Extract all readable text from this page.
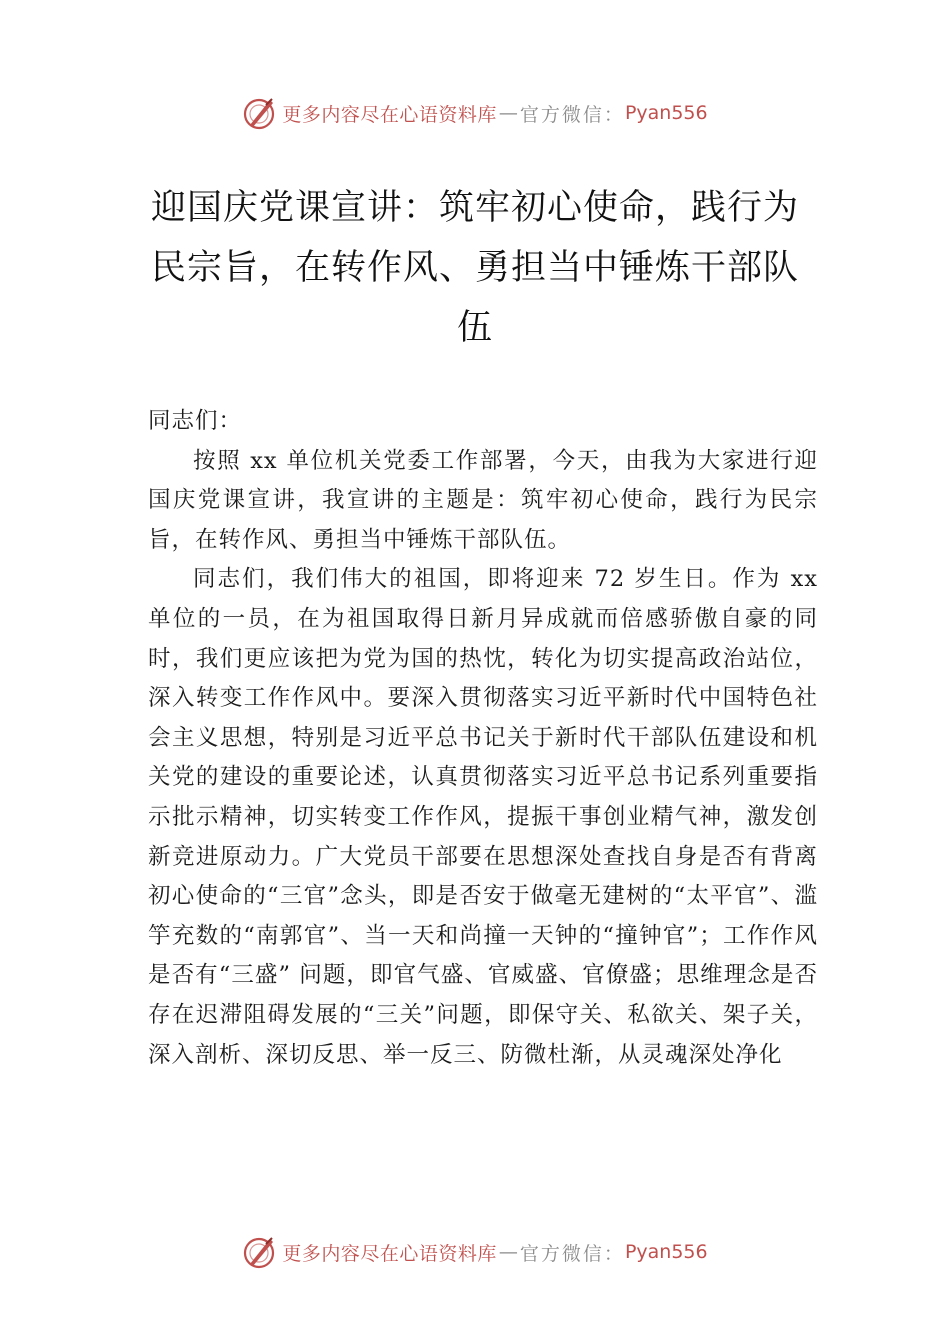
更多内容尽在心语资料库 — 官方微信： Pyan556
迎国庆党课宣讲：筑牢初心使命，践行为
民宗旨，在转作风、勇担当中锤炼干部队
伍

同志们：

按照 xx 单位机关党委工作部署，今天，由我为大家进行迎国庆党课宣讲，我宣讲的主题是：筑牢初心使命，践行为民宗旨，在转作风、勇担当中锤炼干部队伍。

同志们，我们伟大的祖国，即将迎来 72 岁生日。作为 xx 单位的一员，在为祖国取得日新月异成就而倍感骄傲自豪的同时，我们更应该把为党为国的热忱，转化为切实提高政治站位，深入转变工作作风中。要深入贯彻落实习近平新时代中国特色社会主义思想，特别是习近平总书记关于新时代干部队伍建设和机关党的建设的重要论述，认真贯彻落实习近平总书记系列重要指示批示精神，切实转变工作作风，提振干事创业精气神，激发创新竞进原动力。广大党员干部要在思想深处查找自身是否有背离初心使命的“三官”念头，即是否安于做毫无建树的“太平官”、滥竽充数的“南郭官”、当一天和尚撞一天钟的“撞钟官”；工作作风是否有“三盛” 问题，即官气盛、官威盛、官僚盛；思维理念是否存在迟滞阻碍发展的“三关”问题，即保守关、私欲关、架子关，深入剖析、深切反思、举一反三、防微杜渐，从灵魂深处净化

更多内容尽在心语资料库 — 官方微信： Pyan556
